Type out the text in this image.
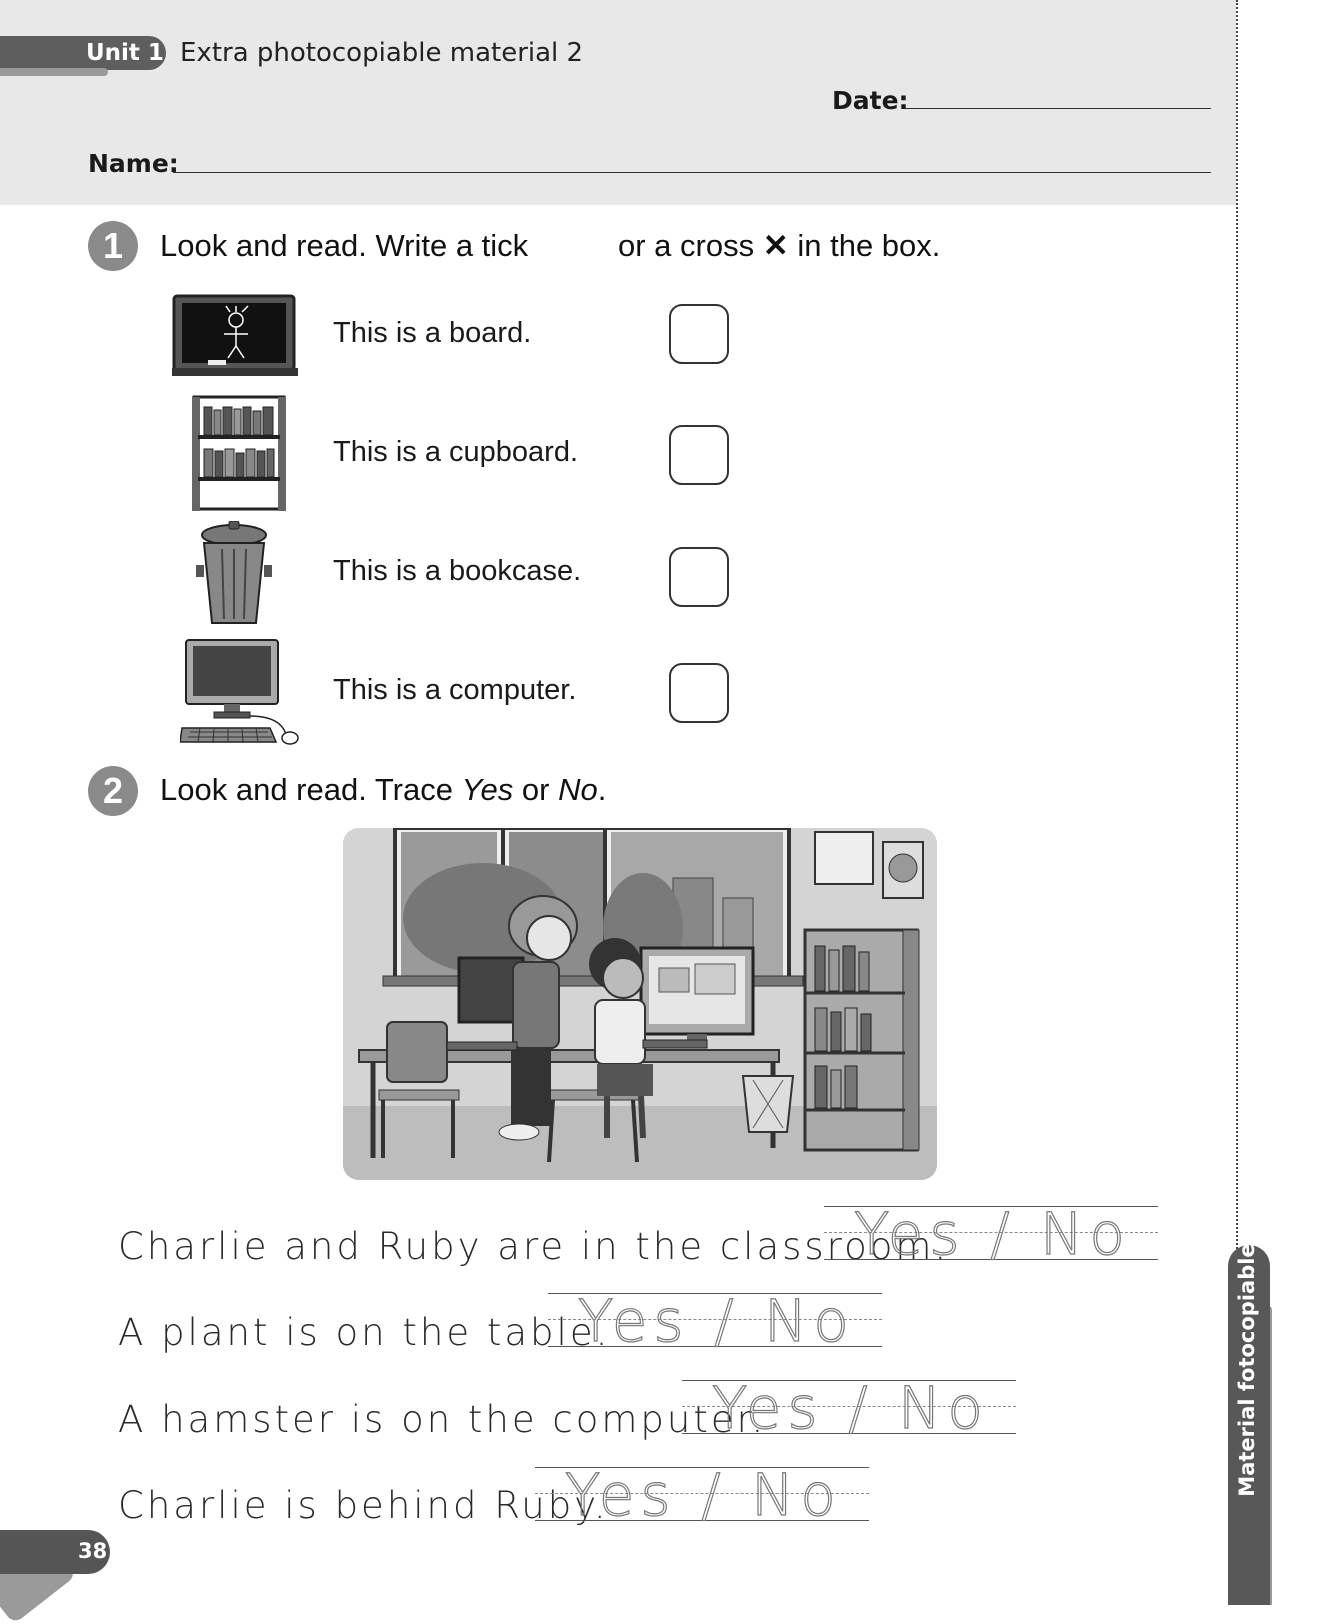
Unit 1 Extra photocopiable material 2
Date:
Name:
1	Look and read. Write a tick	or a cross ✕ in the box.
This is a board.
This is a cupboard.
This is a bookcase.
This is a computer.
2	Look and read. Trace Yes or No.
Charlie and Ruby are in the classroom.
Yes / No
A plant is on the table.
Yes / No
A hamster is on the computer.
Yes / No
Charlie is behind Ruby.
Yes / No
38
Material fotocopiable
